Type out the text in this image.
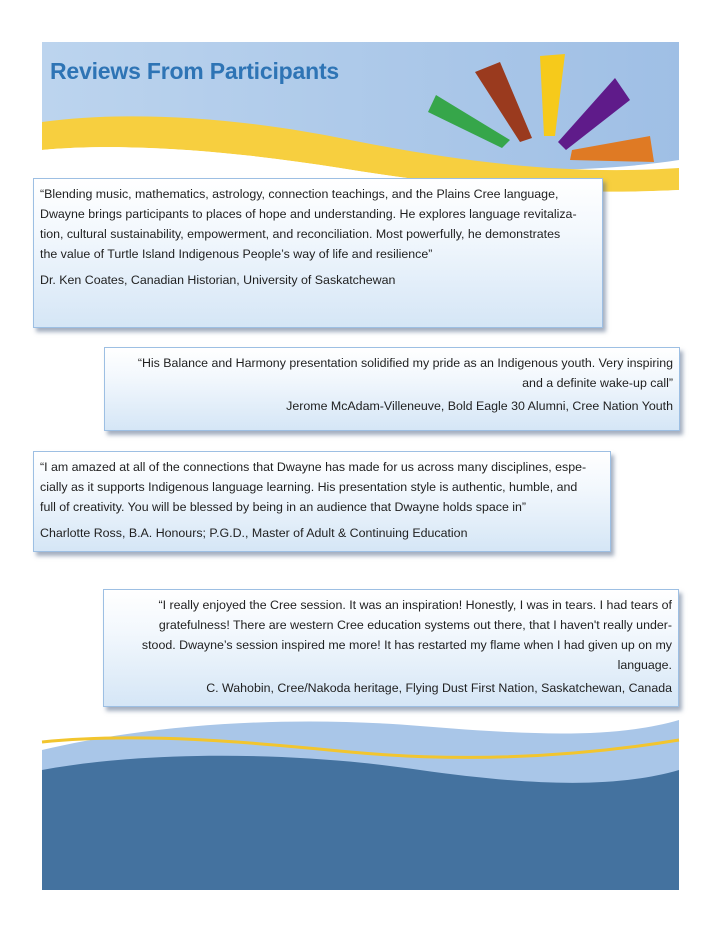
Reviews From Participants

“Blending music, mathematics, astrology, connection teachings, and the Plains Cree language,

Dwayne brings participants to places of hope and understanding. He explores language revitaliza-

tion, cultural sustainability, empowerment, and reconciliation. Most powerfully, he demonstrates

the value of Turtle Island Indigenous People’s way of life and resilience”

Dr. Ken Coates, Canadian Historian, University of Saskatchewan

“His Balance and Harmony presentation solidified my pride as an Indigenous youth. Very inspiring

and a definite wake-up call”

Jerome McAdam-Villeneuve, Bold Eagle 30 Alumni, Cree Nation Youth

“I am amazed at all of the connections that Dwayne has made for us across many disciplines, espe-

cially as it supports Indigenous language learning. His presentation style is authentic, humble, and

full of creativity. You will be blessed by being in an audience that Dwayne holds space in”

Charlotte Ross, B.A. Honours; P.G.D., Master of Adult & Continuing Education

“I really enjoyed the Cree session. It was an inspiration! Honestly, I was in tears. I had tears of

gratefulness! There are western Cree education systems out there, that I haven't really under-

stood. Dwayne’s session inspired me more! It has restarted my flame when I had given up on my

language.

C. Wahobin, Cree/Nakoda heritage, Flying Dust First Nation, Saskatchewan, Canada
